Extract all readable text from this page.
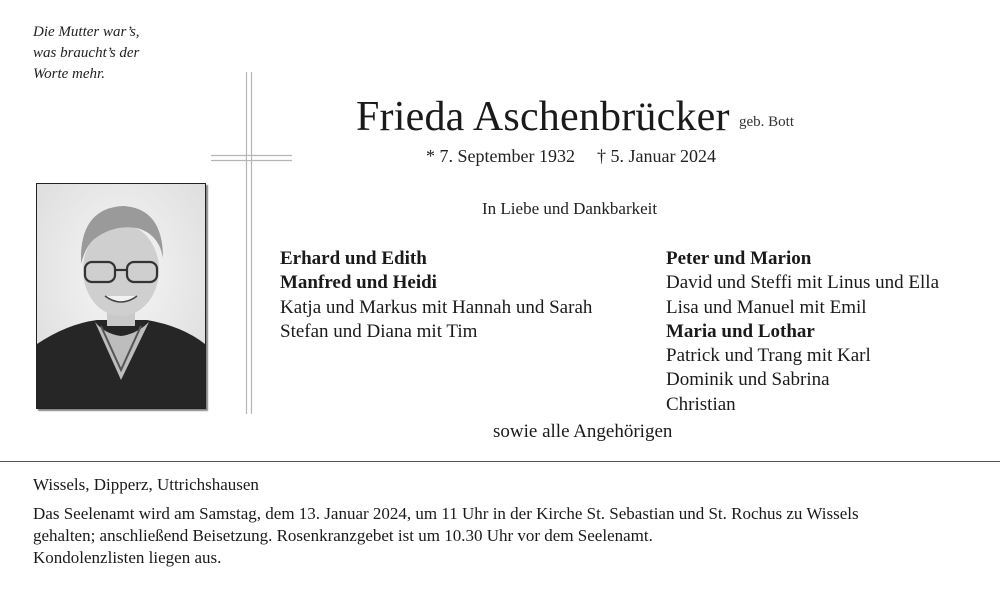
Die Mutter war’s,
was braucht’s der
Worte mehr.
Frieda Aschenbrücker geb. Bott
* 7. September 1932 † 5. Januar 2024
In Liebe und Dankbarkeit
Erhard und Edith
Manfred und Heidi
Katja und Markus mit Hannah und Sarah
Stefan und Diana mit Tim
Peter und Marion
David und Steffi mit Linus und Ella
Lisa und Manuel mit Emil
Maria und Lothar
Patrick und Trang mit Karl
Dominik und Sabrina
Christian
sowie alle Angehörigen
Wissels, Dipperz, Uttrichshausen
Das Seelenamt wird am Samstag, dem 13. Januar 2024, um 11 Uhr in der Kirche St. Sebastian und St. Rochus zu Wissels
gehalten; anschließend Beisetzung. Rosenkranzgebet ist um 10.30 Uhr vor dem Seelenamt.
Kondolenzlisten liegen aus.
